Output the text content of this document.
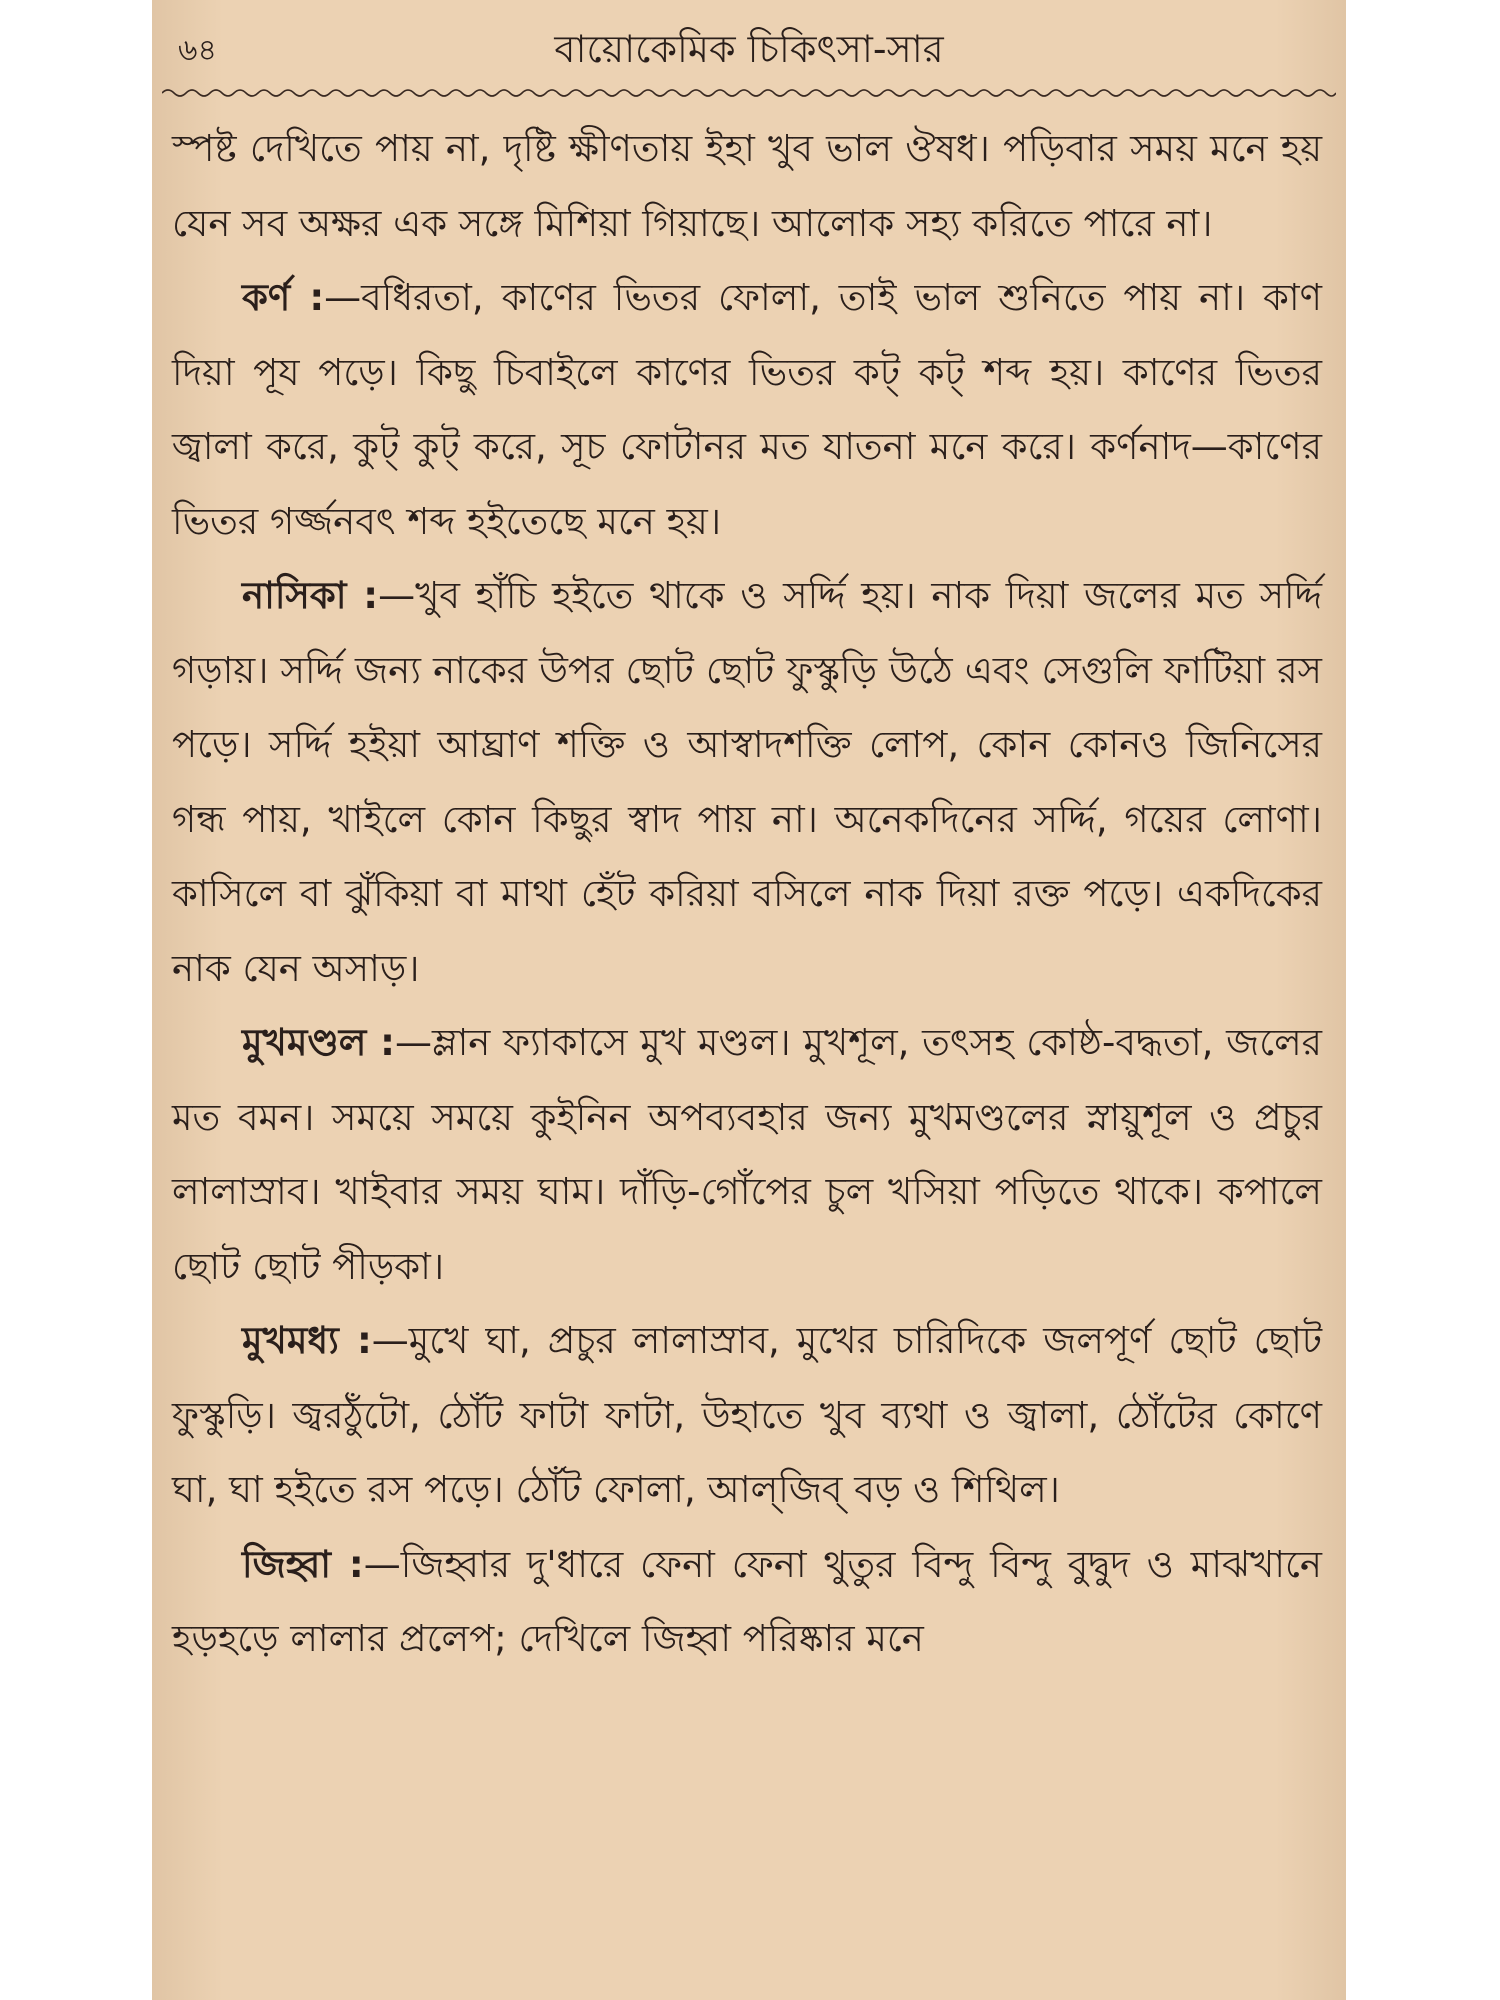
৬৪	বায়োকেমিক চিকিৎসা-সার

স্পষ্ট দেখিতে পায় না, দৃষ্টি ক্ষীণতায় ইহা খুব ভাল ঔষধ। পড়িবার সময় মনে হয় যেন সব অক্ষর এক সঙ্গে মিশিয়া গিয়াছে। আলোক সহ্য করিতে পারে না।

কর্ণ :—বধিরতা, কাণের ভিতর ফোলা, তাই ভাল শুনিতে পায় না। কাণ দিয়া পূয পড়ে। কিছু চিবাইলে কাণের ভিতর কট্ কট্ শব্দ হয়। কাণের ভিতর জ্বালা করে, কুট্ কুট্ করে, সূচ ফোটানর মত যাতনা মনে করে। কর্ণনাদ—কাণের ভিতর গর্জ্জনবৎ শব্দ হইতেছে মনে হয়।

নাসিকা :—খুব হাঁচি হইতে থাকে ও সর্দ্দি হয়। নাক দিয়া জলের মত সর্দ্দি গড়ায়। সর্দ্দি জন্য নাকের উপর ছোট ছোট ফুস্কুড়ি উঠে এবং সেগুলি ফাটিয়া রস পড়ে। সর্দ্দি হইয়া আঘ্রাণ শক্তি ও আস্বাদশক্তি লোপ, কোন কোনও জিনিসের গন্ধ পায়, খাইলে কোন কিছুর স্বাদ পায় না। অনেকদিনের সর্দ্দি, গয়ের লোণা। কাসিলে বা ঝুঁকিয়া বা মাথা হেঁট করিয়া বসিলে নাক দিয়া রক্ত পড়ে। একদিকের নাক যেন অসাড়।

মুখমণ্ডল :—ম্লান ফ্যাকাসে মুখ মণ্ডল। মুখশূল, তৎসহ কোষ্ঠ-বদ্ধতা, জলের মত বমন। সময়ে সময়ে কুইনিন অপব্যবহার জন্য মুখমণ্ডলের স্নায়ুশূল ও প্রচুর লালাস্রাব। খাইবার সময় ঘাম। দাঁড়ি-গোঁপের চুল খসিয়া পড়িতে থাকে। কপালে ছোট ছোট পীড়কা।

মুখমধ্য :—মুখে ঘা, প্রচুর লালাস্রাব, মুখের চারিদিকে জলপূর্ণ ছোট ছোট ফুস্কুড়ি। জ্বরঠুঁটো, ঠোঁট ফাটা ফাটা, উহাতে খুব ব্যথা ও জ্বালা, ঠোঁটের কোণে ঘা, ঘা হইতে রস পড়ে। ঠোঁট ফোলা, আল্‌জিব্ বড় ও শিথিল।

জিহ্বা :—জিহ্বার দু'ধারে ফেনা ফেনা থুতুর বিন্দু বিন্দু বুদ্বুদ ও মাঝখানে হড়হড়ে লালার প্রলেপ; দেখিলে জিহ্বা পরিষ্কার মনে
